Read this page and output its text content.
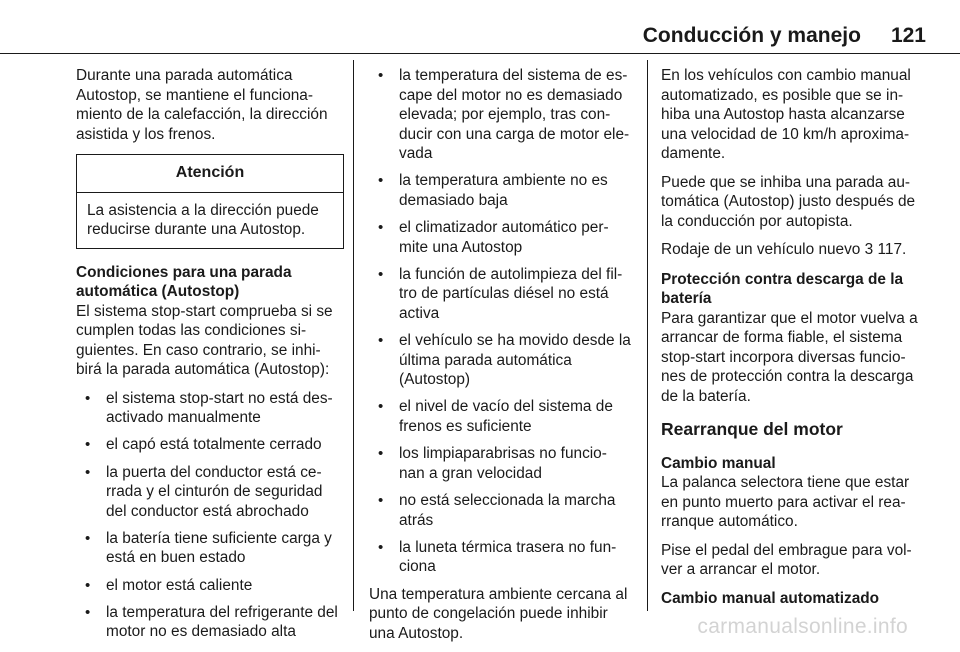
Conducción y manejo 121

Durante una parada automática Autostop, se mantiene el funciona- miento de la calefacción, la dirección asistida y los frenos.

Atención
La asistencia a la dirección puede reducirse durante una Autostop.
Condiciones para una parada automática (Autostop)

El sistema stop-start comprueba si se cumplen todas las condiciones si- guientes. En caso contrario, se inhi- birá la parada automática (Autostop):

• el sistema stop-start no está des- activado manualmente
• el capó está totalmente cerrado
• la puerta del conductor está ce- rrada y el cinturón de seguridad del conductor está abrochado
• la batería tiene suficiente carga y está en buen estado
• el motor está caliente
• la temperatura del refrigerante del motor no es demasiado alta
• la temperatura del sistema de es- cape del motor no es demasiado elevada; por ejemplo, tras con- ducir con una carga de motor ele- vada
• la temperatura ambiente no es demasiado baja
• el climatizador automático per- mite una Autostop
• la función de autolimpieza del fil- tro de partículas diésel no está activa
• el vehículo se ha movido desde la última parada automática (Autostop)
• el nivel de vacío del sistema de frenos es suficiente
• los limpiaparabrisas no funcio- nan a gran velocidad
• no está seleccionada la marcha atrás
• la luneta térmica trasera no fun- ciona

Una temperatura ambiente cercana al punto de congelación puede inhibir una Autostop.

En los vehículos con cambio manual automatizado, es posible que se in- hiba una Autostop hasta alcanzarse una velocidad de 10 km/h aproxima- damente.

Puede que se inhiba una parada au- tomática (Autostop) justo después de la conducción por autopista.

Rodaje de un vehículo nuevo 3 117.

Protección contra descarga de la batería

Para garantizar que el motor vuelva a arrancar de forma fiable, el sistema stop-start incorpora diversas funcio- nes de protección contra la descarga de la batería.

Rearranque del motor
Cambio manual

La palanca selectora tiene que estar en punto muerto para activar el rea- rranque automático.

Pise el pedal del embrague para vol- ver a arrancar el motor.

Cambio manual automatizado
carmanualsonline.info
